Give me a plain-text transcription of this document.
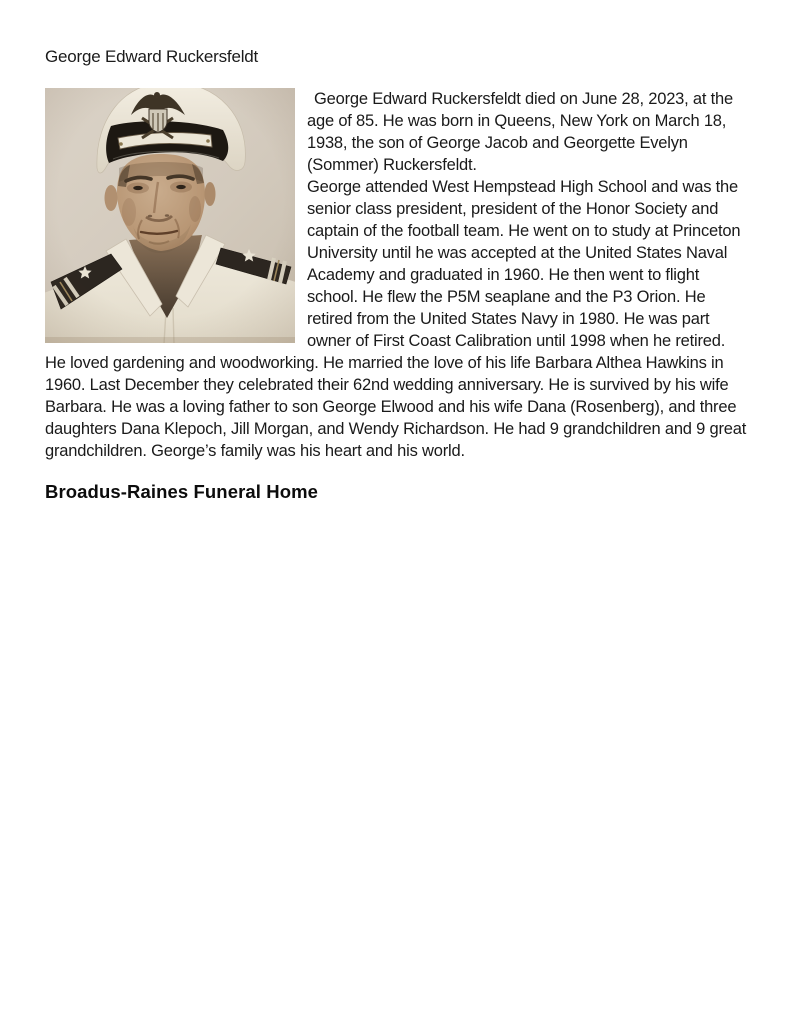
George Edward Ruckersfeldt

George Edward Ruckersfeldt died on June 28, 2023, at the age of 85. He was born in Queens, New York on March 18, 1938, the son of George Jacob and Georgette Evelyn (Sommer) Ruckersfeldt.

George attended West Hempstead High School and was the senior class president, president of the Honor Society and captain of the football team. He went on to study at Princeton University until he was accepted at the United States Naval Academy and graduated in 1960. He then went to flight school. He flew the P5M seaplane and the P3 Orion. He retired from the United States Navy in 1980. He was part owner of First Coast Calibration until 1998 when he retired. He loved gardening and woodworking. He married the love of his life Barbara Althea Hawkins in 1960. Last December they celebrated their 62nd wedding anniversary. He is survived by his wife Barbara. He was a loving father to son George Elwood and his wife Dana (Rosenberg), and three daughters Dana Klepoch, Jill Morgan, and Wendy Richardson. He had 9 grandchildren and 9 great grandchildren. George’s family was his heart and his world.

Broadus-Raines Funeral Home
